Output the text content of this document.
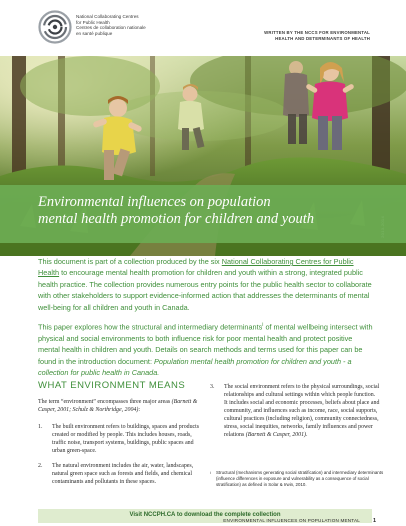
National Collaborating Centres
for Public Health
Centres de collaboration nationale
en santé publique	WRITTEN BY THE NCCS FOR ENVIRONMENTAL
HEALTH AND DETERMINANTS OF HEALTH
Environmental influences on population
mental health promotion for children and youth
This document is part of a collection produced by the six National Collaborating Centres for Public Health to encourage mental health promotion for children and youth within a strong, integrated public health practice. The collection provides numerous entry points for the public health sector to collaborate with other stakeholders to support evidence-informed action that addresses the determinants of mental well-being for all children and youth in Canada.
This paper explores how the structural and intermediary determinants$^i$ of mental wellbeing intersect with physical and social environments to both influence risk for poor mental health and protect positive mental health in children and youth. Details on search methods and terms used for this paper can be found in the introduction document: Population mental health promotion for children and youth - a collection for public health in Canada.
WHAT ENVIRONMENT MEANS
The term “environment” encompasses three major areas (Barnett & Casper, 2001; Schulz & Northridge, 2004):
1. The built environment refers to buildings, spaces and products created or modified by people. This includes houses, roads, traffic noise, transport systems, buildings, public spaces and urban green-space.
2. The natural environment includes the air, water, landscapes, natural green space such as forests and fields, and chemical contaminants and pollutants in these spaces.
3. The social environment refers to the physical surroundings, social relationships and cultural settings within which people function. It includes social and economic processes, beliefs about place and community, and influences such as income, race, social supports, cultural practices (including religion), community connectedness, stress, social inequities, networks, family influences and power relations (Barnett & Casper, 2001).
i Structural (mechanisms generating social stratification) and intermediary determinants (influence differences in exposure and vulnerability as a consequence of social stratification) as defined in Solar & Irwin, 2010.
Visit NCCPH.CA to download the complete collection
ENVIRONMENTAL INFLUENCES ON POPULATION MENTAL 1
